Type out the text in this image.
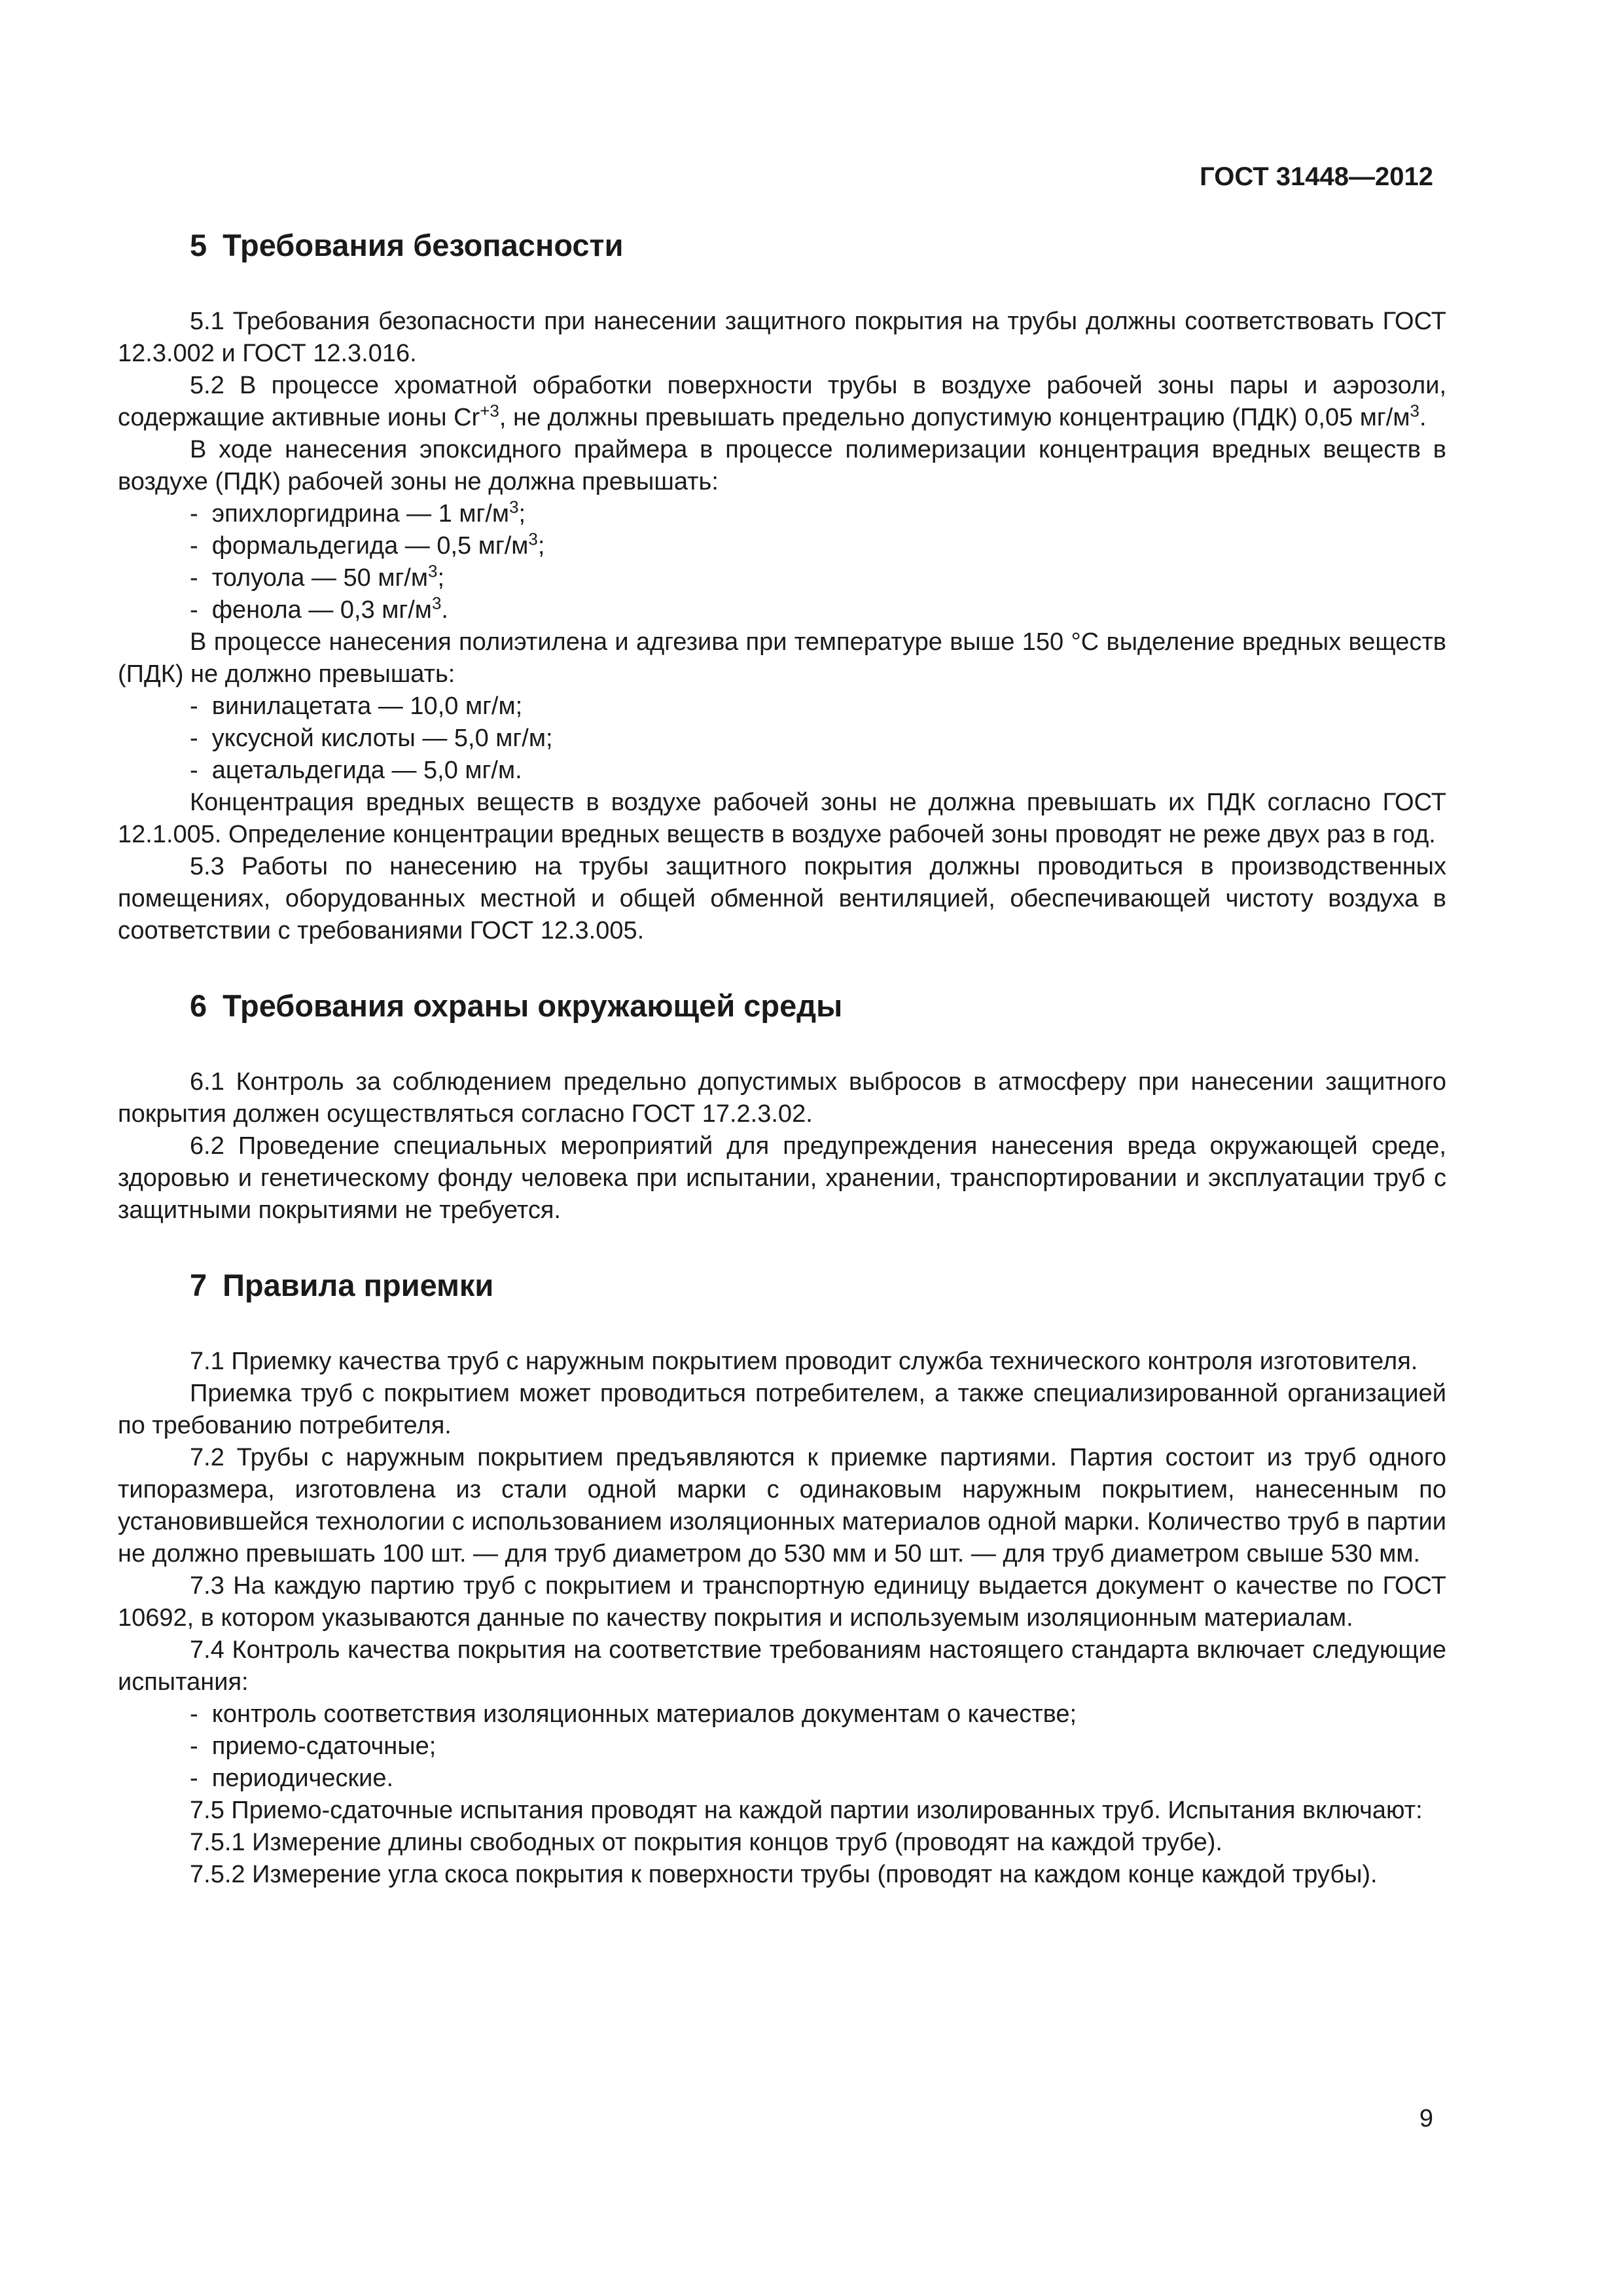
ГОСТ 31448—2012
5 Требования безопасности

5.1 Требования безопасности при нанесении защитного покрытия на трубы должны соответствовать ГОСТ 12.3.002 и ГОСТ 12.3.016.

5.2 В процессе хроматной обработки поверхности трубы в воздухе рабочей зоны пары и аэрозоли, содержащие активные ионы $Cr^{+3}$, не должны превышать предельно допустимую концентрацию (ПДК) 0,05 $мг/м^3$.

В ходе нанесения эпоксидного праймера в процессе полимеризации концентрация вредных веществ в воздухе (ПДК) рабочей зоны не должна превышать:

-  эпихлоргидрина — 1 $мг/м^3$;
-  формальдегида — 0,5 $мг/м^3$;
-  толуола — 50 $мг/м^3$;
-  фенола — 0,3 $мг/м^3$.

В процессе нанесения полиэтилена и адгезива при температуре выше 150 °С выделение вредных веществ (ПДК) не должно превышать:

-  винилацетата — 10,0 мг/м;
-  уксусной кислоты — 5,0 мг/м;
-  ацетальдегида — 5,0 мг/м.

Концентрация вредных веществ в воздухе рабочей зоны не должна превышать их ПДК согласно ГОСТ 12.1.005. Определение концентрации вредных веществ в воздухе рабочей зоны проводят не реже двух раз в год.

5.3 Работы по нанесению на трубы защитного покрытия должны проводиться в производственных помещениях, оборудованных местной и общей обменной вентиляцией, обеспечивающей чистоту воздуха в соответствии с требованиями ГОСТ 12.3.005.

6 Требования охраны окружающей среды

6.1 Контроль за соблюдением предельно допустимых выбросов в атмосферу при нанесении защитного покрытия должен осуществляться согласно ГОСТ 17.2.3.02.

6.2 Проведение специальных мероприятий для предупреждения нанесения вреда окружающей среде, здоровью и генетическому фонду человека при испытании, хранении, транспортировании и эксплуатации труб с защитными покрытиями не требуется.

7 Правила приемки

7.1 Приемку качества труб с наружным покрытием проводит служба технического контроля изготовителя.

Приемка труб с покрытием может проводиться потребителем, а также специализированной организацией по требованию потребителя.

7.2 Трубы с наружным покрытием предъявляются к приемке партиями. Партия состоит из труб одного типоразмера, изготовлена из стали одной марки с одинаковым наружным покрытием, нанесенным по установившейся технологии с использованием изоляционных материалов одной марки. Количество труб в партии не должно превышать 100 шт. — для труб диаметром до 530 мм и 50 шт. — для труб диаметром свыше 530 мм.

7.3 На каждую партию труб с покрытием и транспортную единицу выдается документ о качестве по ГОСТ 10692, в котором указываются данные по качеству покрытия и используемым изоляционным материалам.

7.4 Контроль качества покрытия на соответствие требованиям настоящего стандарта включает следующие испытания:

-  контроль соответствия изоляционных материалов документам о качестве;
-  приемо-сдаточные;
-  периодические.

7.5 Приемо-сдаточные испытания проводят на каждой партии изолированных труб. Испытания включают:

7.5.1 Измерение длины свободных от покрытия концов труб (проводят на каждой трубе).

7.5.2 Измерение угла скоса покрытия к поверхности трубы (проводят на каждом конце каждой трубы).

9
